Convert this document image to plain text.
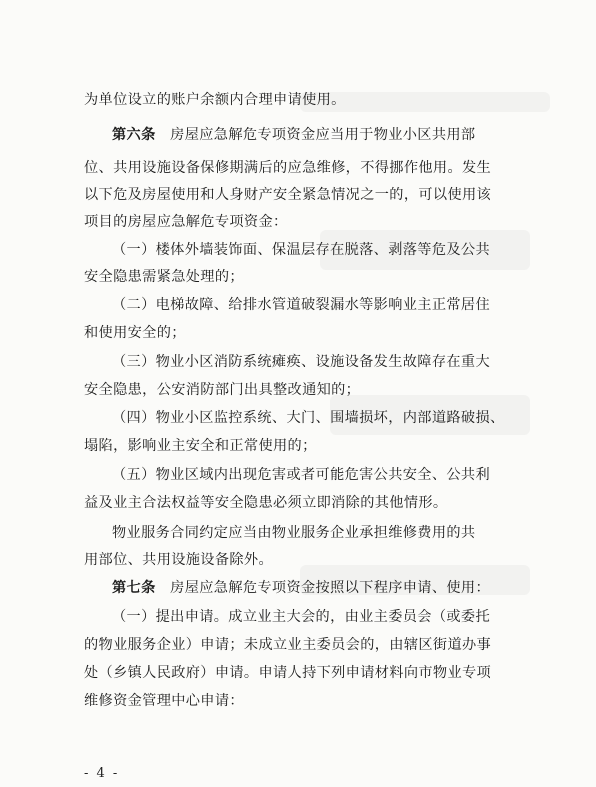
为单位设立的账户余额内合理申请使用。
第六条　房屋应急解危专项资金应当用于物业小区共用部
位、共用设施设备保修期满后的应急维修，不得挪作他用。发生
以下危及房屋使用和人身财产安全紧急情况之一的，可以使用该
项目的房屋应急解危专项资金：
（一）楼体外墙装饰面、保温层存在脱落、剥落等危及公共
安全隐患需紧急处理的；
（二）电梯故障、给排水管道破裂漏水等影响业主正常居住
和使用安全的；
（三）物业小区消防系统瘫痪、设施设备发生故障存在重大
安全隐患，公安消防部门出具整改通知的；
（四）物业小区监控系统、大门、围墙损坏，内部道路破损、
塌陷，影响业主安全和正常使用的；
（五）物业区域内出现危害或者可能危害公共安全、公共利
益及业主合法权益等安全隐患必须立即消除的其他情形。
物业服务合同约定应当由物业服务企业承担维修费用的共
用部位、共用设施设备除外。
第七条　房屋应急解危专项资金按照以下程序申请、使用：
（一）提出申请。成立业主大会的，由业主委员会（或委托
的物业服务企业）申请；未成立业主委员会的，由辖区街道办事
处（乡镇人民政府）申请。申请人持下列申请材料向市物业专项
维修资金管理中心申请：
- 4 -
